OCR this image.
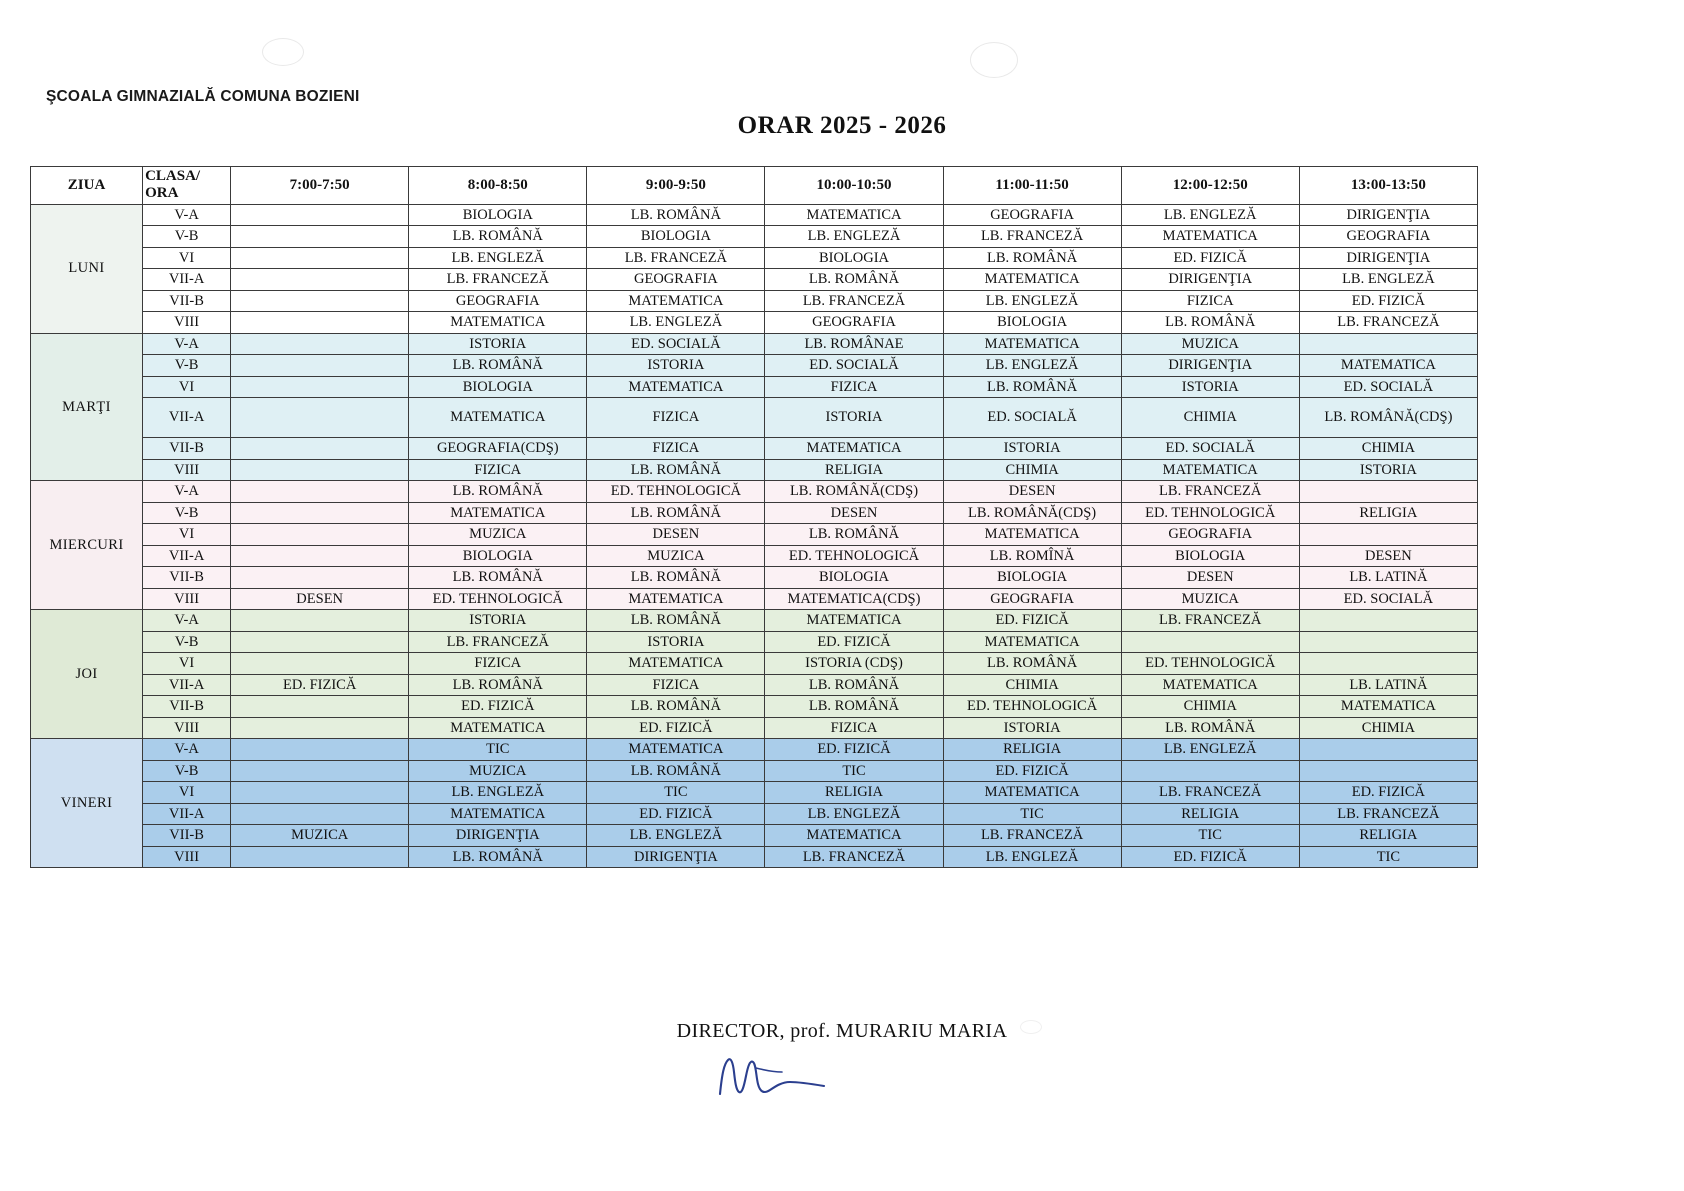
ŞCOALA GIMNAZIALĂ COMUNA BOZIENI
ORAR 2025 - 2026
ZIUA	CLASA/
ORA	7:00-7:50	8:00-8:50	9:00-9:50	10:00-10:50	11:00-11:50	12:00-12:50	13:00-13:50
LUNI	V-A		BIOLOGIA	LB. ROMÂNĂ	MATEMATICA	GEOGRAFIA	LB. ENGLEZĂ	DIRIGENŢIA
	V-B		LB. ROMÂNĂ	BIOLOGIA	LB. ENGLEZĂ	LB. FRANCEZĂ	MATEMATICA	GEOGRAFIA
	VI		LB. ENGLEZĂ	LB. FRANCEZĂ	BIOLOGIA	LB. ROMÂNĂ	ED. FIZICĂ	DIRIGENŢIA
	VII-A		LB. FRANCEZĂ	GEOGRAFIA	LB. ROMÂNĂ	MATEMATICA	DIRIGENŢIA	LB. ENGLEZĂ
	VII-B		GEOGRAFIA	MATEMATICA	LB. FRANCEZĂ	LB. ENGLEZĂ	FIZICA	ED. FIZICĂ
	VIII		MATEMATICA	LB. ENGLEZĂ	GEOGRAFIA	BIOLOGIA	LB. ROMÂNĂ	LB. FRANCEZĂ
MARŢI	V-A		ISTORIA	ED. SOCIALĂ	LB. ROMÂNAE	MATEMATICA	MUZICA	
	V-B		LB. ROMÂNĂ	ISTORIA	ED. SOCIALĂ	LB. ENGLEZĂ	DIRIGENŢIA	MATEMATICA
	VI		BIOLOGIA	MATEMATICA	FIZICA	LB. ROMÂNĂ	ISTORIA	ED. SOCIALĂ
	VII-A		MATEMATICA	FIZICA	ISTORIA	ED. SOCIALĂ	CHIMIA	LB. ROMÂNĂ(CDŞ)
	VII-B		GEOGRAFIA(CDŞ)	FIZICA	MATEMATICA	ISTORIA	ED. SOCIALĂ	CHIMIA
	VIII		FIZICA	LB. ROMÂNĂ	RELIGIA	CHIMIA	MATEMATICA	ISTORIA
MIERCURI	V-A		LB. ROMÂNĂ	ED. TEHNOLOGICĂ	LB. ROMÂNĂ(CDŞ)	DESEN	LB. FRANCEZĂ	
	V-B		MATEMATICA	LB. ROMÂNĂ	DESEN	LB. ROMÂNĂ(CDŞ)	ED. TEHNOLOGICĂ	RELIGIA
	VI		MUZICA	DESEN	LB. ROMÂNĂ	MATEMATICA	GEOGRAFIA	
	VII-A		BIOLOGIA	MUZICA	ED. TEHNOLOGICĂ	LB. ROMÎNĂ	BIOLOGIA	DESEN
	VII-B		LB. ROMÂNĂ	LB. ROMÂNĂ	BIOLOGIA	BIOLOGIA	DESEN	LB. LATINĂ
	VIII	DESEN	ED. TEHNOLOGICĂ	MATEMATICA	MATEMATICA(CDŞ)	GEOGRAFIA	MUZICA	ED. SOCIALĂ
JOI	V-A		ISTORIA	LB. ROMÂNĂ	MATEMATICA	ED. FIZICĂ	LB. FRANCEZĂ	
	V-B		LB. FRANCEZĂ	ISTORIA	ED. FIZICĂ	MATEMATICA		
	VI		FIZICA	MATEMATICA	ISTORIA (CDŞ)	LB. ROMÂNĂ	ED. TEHNOLOGICĂ	
	VII-A	ED. FIZICĂ	LB. ROMÂNĂ	FIZICA	LB. ROMÂNĂ	CHIMIA	MATEMATICA	LB. LATINĂ
	VII-B		ED. FIZICĂ	LB. ROMÂNĂ	LB. ROMÂNĂ	ED. TEHNOLOGICĂ	CHIMIA	MATEMATICA
	VIII		MATEMATICA	ED. FIZICĂ	FIZICA	ISTORIA	LB. ROMÂNĂ	CHIMIA
VINERI	V-A		TIC	MATEMATICA	ED. FIZICĂ	RELIGIA	LB. ENGLEZĂ	
	V-B		MUZICA	LB. ROMÂNĂ	TIC	ED. FIZICĂ		
	VI		LB. ENGLEZĂ	TIC	RELIGIA	MATEMATICA	LB. FRANCEZĂ	ED. FIZICĂ
	VII-A		MATEMATICA	ED. FIZICĂ	LB. ENGLEZĂ	TIC	RELIGIA	LB. FRANCEZĂ
	VII-B	MUZICA	DIRIGENŢIA	LB. ENGLEZĂ	MATEMATICA	LB. FRANCEZĂ	TIC	RELIGIA
	VIII		LB. ROMÂNĂ	DIRIGENŢIA	LB. FRANCEZĂ	LB. ENGLEZĂ	ED. FIZICĂ	TIC
DIRECTOR, prof. MURARIU MARIA
